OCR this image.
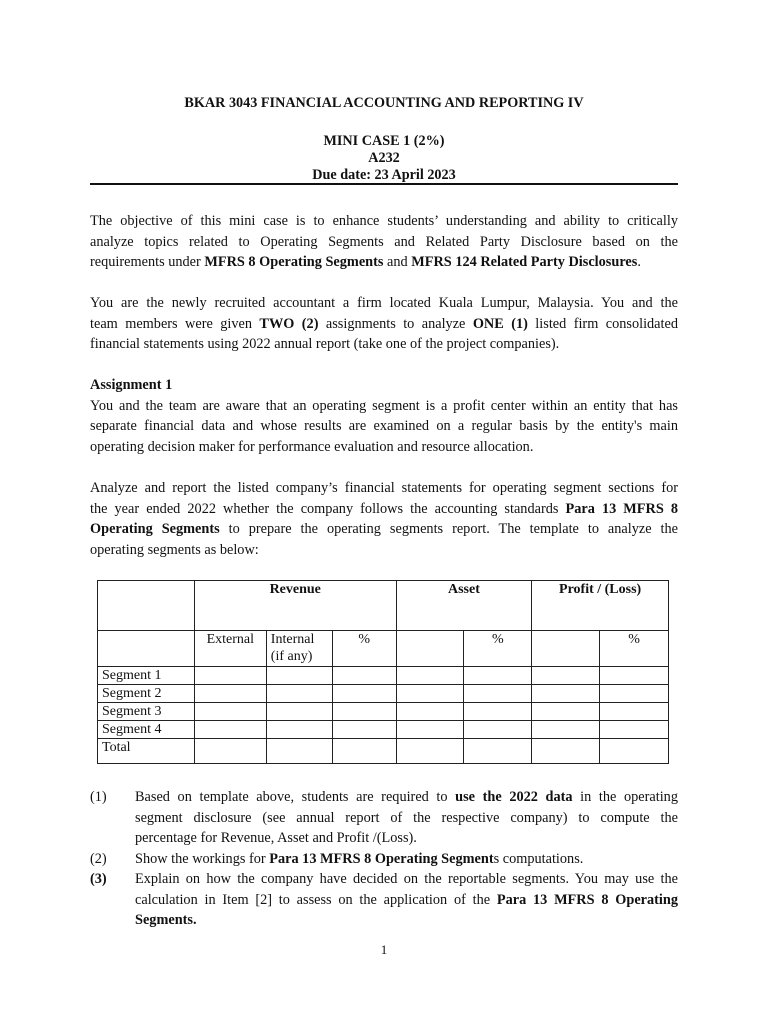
BKAR 3043 FINANCIAL ACCOUNTING AND REPORTING IV
MINI CASE 1 (2%)
A232
Due date: 23 April 2023
The objective of this mini case is to enhance students’ understanding and ability to critically
analyze topics related to Operating Segments and Related Party Disclosure based on the
requirements under MFRS 8 Operating Segments and MFRS 124 Related Party Disclosures.
You are the newly recruited accountant a firm located Kuala Lumpur, Malaysia. You and the
team members were given TWO (2) assignments to analyze ONE (1) listed firm consolidated
financial statements using 2022 annual report (take one of the project companies).
Assignment 1
You and the team are aware that an operating segment is a profit center within an entity that has
separate financial data and whose results are examined on a regular basis by the entity's main
operating decision maker for performance evaluation and resource allocation.
Analyze and report the listed company’s financial statements for operating segment sections for
the year ended 2022 whether the company follows the accounting standards Para 13 MFRS 8
Operating Segments to prepare the operating segments report. The template to analyze the
operating segments as below:
	Revenue			Asset		Profit / (Loss)	
	External	Internal
(if any)	%		%		%
Segment 1							
Segment 2							
Segment 3							
Segment 4							
Total							
(1)	Based on template above, students are required to use the 2022 data in the operating
segment disclosure (see annual report of the respective company) to compute the
percentage for Revenue, Asset and Profit /(Loss).
(2)	Show the workings for Para 13 MFRS 8 Operating Segments computations.
(3)	Explain on how the company have decided on the reportable segments. You may use the
calculation in Item [2] to assess on the application of the Para 13 MFRS 8 Operating
Segments.
1
